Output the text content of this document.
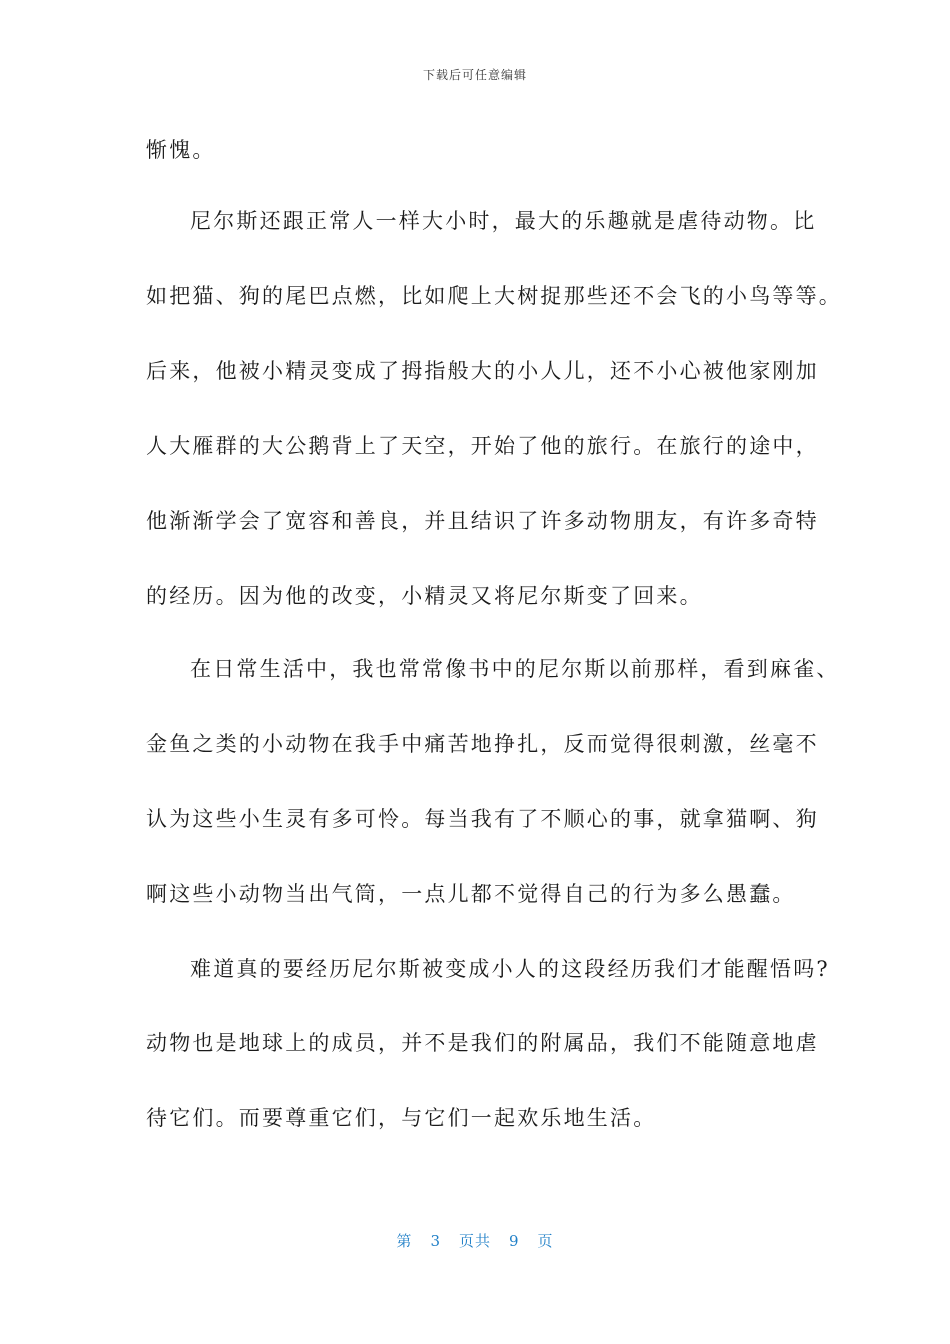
下载后可任意编辑
惭愧。
尼尔斯还跟正常人一样大小时，最大的乐趣就是虐待动物。比
如把猫、狗的尾巴点燃，比如爬上大树捉那些还不会飞的小鸟等等。
后来，他被小精灵变成了拇指般大的小人儿，还不小心被他家刚加
人大雁群的大公鹅背上了天空，开始了他的旅行。在旅行的途中，
他渐渐学会了宽容和善良，并且结识了许多动物朋友，有许多奇特
的经历。因为他的改变，小精灵又将尼尔斯变了回来。
在日常生活中，我也常常像书中的尼尔斯以前那样，看到麻雀、
金鱼之类的小动物在我手中痛苦地挣扎，反而觉得很刺激，丝毫不
认为这些小生灵有多可怜。每当我有了不顺心的事，就拿猫啊、狗
啊这些小动物当出气筒，一点儿都不觉得自己的行为多么愚蠢。
难道真的要经历尼尔斯被变成小人的这段经历我们才能醒悟吗?
动物也是地球上的成员，并不是我们的附属品，我们不能随意地虐
待它们。而要尊重它们，与它们一起欢乐地生活。
第 3 页共 9 页
